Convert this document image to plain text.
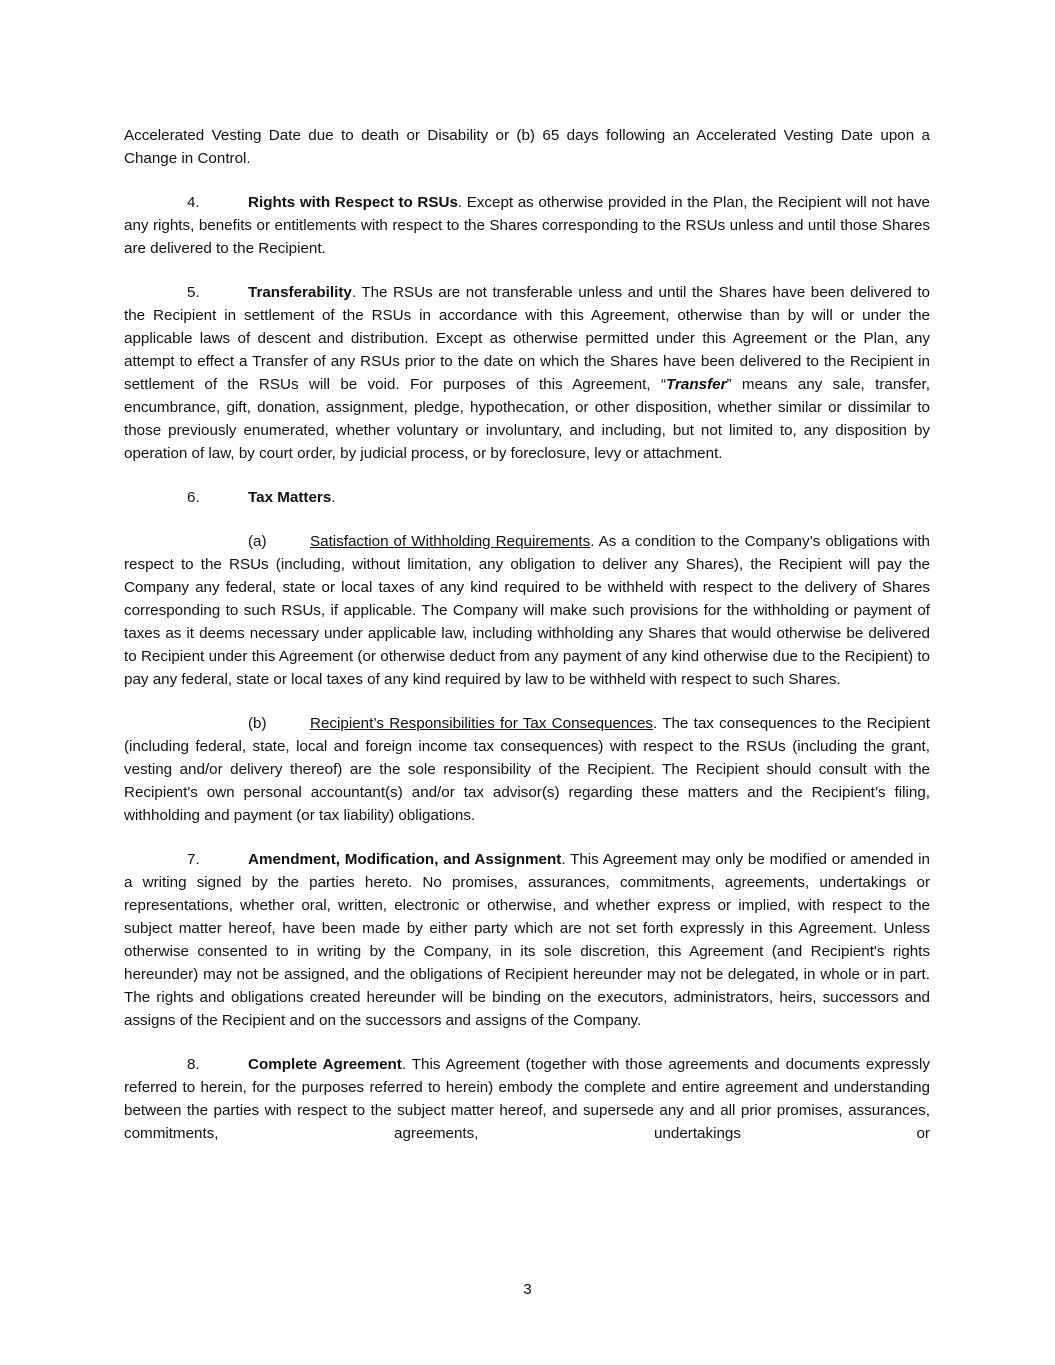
Accelerated Vesting Date due to death or Disability or (b) 65 days following an Accelerated Vesting Date upon a Change in Control.

4.	Rights with Respect to RSUs. Except as otherwise provided in the Plan, the Recipient will not have any rights, benefits or entitlements with respect to the Shares corresponding to the RSUs unless and until those Shares are delivered to the Recipient.

5.	Transferability. The RSUs are not transferable unless and until the Shares have been delivered to the Recipient in settlement of the RSUs in accordance with this Agreement, otherwise than by will or under the applicable laws of descent and distribution. Except as otherwise permitted under this Agreement or the Plan, any attempt to effect a Transfer of any RSUs prior to the date on which the Shares have been delivered to the Recipient in settlement of the RSUs will be void. For purposes of this Agreement, “Transfer” means any sale, transfer, encumbrance, gift, donation, assignment, pledge, hypothecation, or other disposition, whether similar or dissimilar to those previously enumerated, whether voluntary or involuntary, and including, but not limited to, any disposition by operation of law, by court order, by judicial process, or by foreclosure, levy or attachment.

6.	Tax Matters.

(a)	Satisfaction of Withholding Requirements. As a condition to the Company’s obligations with respect to the RSUs (including, without limitation, any obligation to deliver any Shares), the Recipient will pay the Company any federal, state or local taxes of any kind required to be withheld with respect to the delivery of Shares corresponding to such RSUs, if applicable. The Company will make such provisions for the withholding or payment of taxes as it deems necessary under applicable law, including withholding any Shares that would otherwise be delivered to Recipient under this Agreement (or otherwise deduct from any payment of any kind otherwise due to the Recipient) to pay any federal, state or local taxes of any kind required by law to be withheld with respect to such Shares.

(b)	Recipient’s Responsibilities for Tax Consequences. The tax consequences to the Recipient (including federal, state, local and foreign income tax consequences) with respect to the RSUs (including the grant, vesting and/or delivery thereof) are the sole responsibility of the Recipient. The Recipient should consult with the Recipient's own personal accountant(s) and/or tax advisor(s) regarding these matters and the Recipient’s filing, withholding and payment (or tax liability) obligations.

7.	Amendment, Modification, and Assignment. This Agreement may only be modified or amended in a writing signed by the parties hereto. No promises, assurances, commitments, agreements, undertakings or representations, whether oral, written, electronic or otherwise, and whether express or implied, with respect to the subject matter hereof, have been made by either party which are not set forth expressly in this Agreement. Unless otherwise consented to in writing by the Company, in its sole discretion, this Agreement (and Recipient's rights hereunder) may not be assigned, and the obligations of Recipient hereunder may not be delegated, in whole or in part. The rights and obligations created hereunder will be binding on the executors, administrators, heirs, successors and assigns of the Recipient and on the successors and assigns of the Company.

8.	Complete Agreement. This Agreement (together with those agreements and documents expressly referred to herein, for the purposes referred to herein) embody the complete and entire agreement and understanding between the parties with respect to the subject matter hereof, and supersede any and all prior promises, assurances, commitments, agreements, undertakings or

3
